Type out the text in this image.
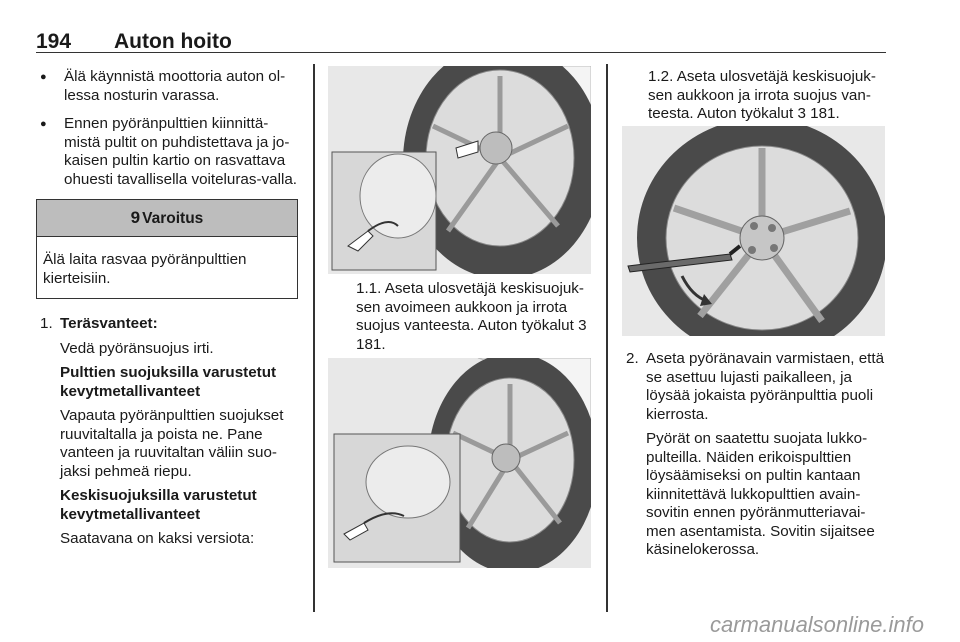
194 Auton hoito
● Älä käynnistä moottoria auton ol-lessa nosturin varassa.
● Ennen pyöränpulttien kiinnittä-mistä pultit on puhdistettava ja jo-kaisen pultin kartio on rasvattava ohuesti tavallisella voiteluras-valla.
9 Varoitus
Älä laita rasvaa pyöränpulttien kierteisiin.
1. Teräsvanteet:
Vedä pyöränsuojus irti.
Pulttien suojuksilla varustetut kevytmetallivanteet
Vapauta pyöränpulttien suojukset ruuvitaltalla ja poista ne. Pane vanteen ja ruuvitaltan väliin suo-jaksi pehmeä riepu.
Keskisuojuksilla varustetut kevytmetallivanteet
Saatavana on kaksi versiota:
1.1. Aseta ulosvetäjä keskisuojuk-sen avoimeen aukkoon ja irrota suojus vanteesta. Auton työkalut 3 181.
1.2. Aseta ulosvetäjä keskisuojuk-sen aukkoon ja irrota suojus van-teesta. Auton työkalut 3 181.
2. Aseta pyöränavain varmistaen, että se asettuu lujasti paikalleen, ja löysää jokaista pyöränpulttia puoli kierrosta.
Pyörät on saatettu suojata lukko-pulteilla. Näiden erikoispulttien löysäämiseksi on pultin kantaan kiinnitettävä lukkopulttien avain-sovitin ennen pyöränmutteriavai-men asentamista. Sovitin sijaitsee käsinelokerossa.
carmanualsonline.info
